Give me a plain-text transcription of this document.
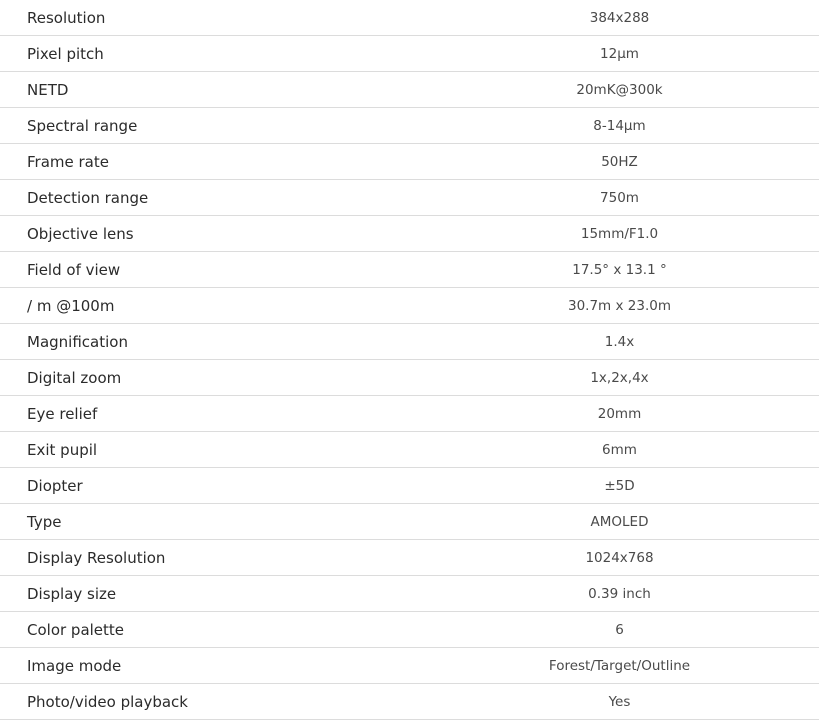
Resolution	384x288
Pixel pitch	12μm
NETD	20mK@300k
Spectral range	8-14μm
Frame rate	50HZ
Detection range	750m
Objective lens	15mm/F1.0
Field of view	17.5° x 13.1 °
/ m @100m	30.7m x 23.0m
Magnification	1.4x
Digital zoom	1x,2x,4x
Eye relief	20mm
Exit pupil	6mm
Diopter	±5D
Type	AMOLED
Display Resolution	1024x768
Display size	0.39 inch
Color palette	6
Image mode	Forest/Target/Outline
Photo/video playback	Yes
